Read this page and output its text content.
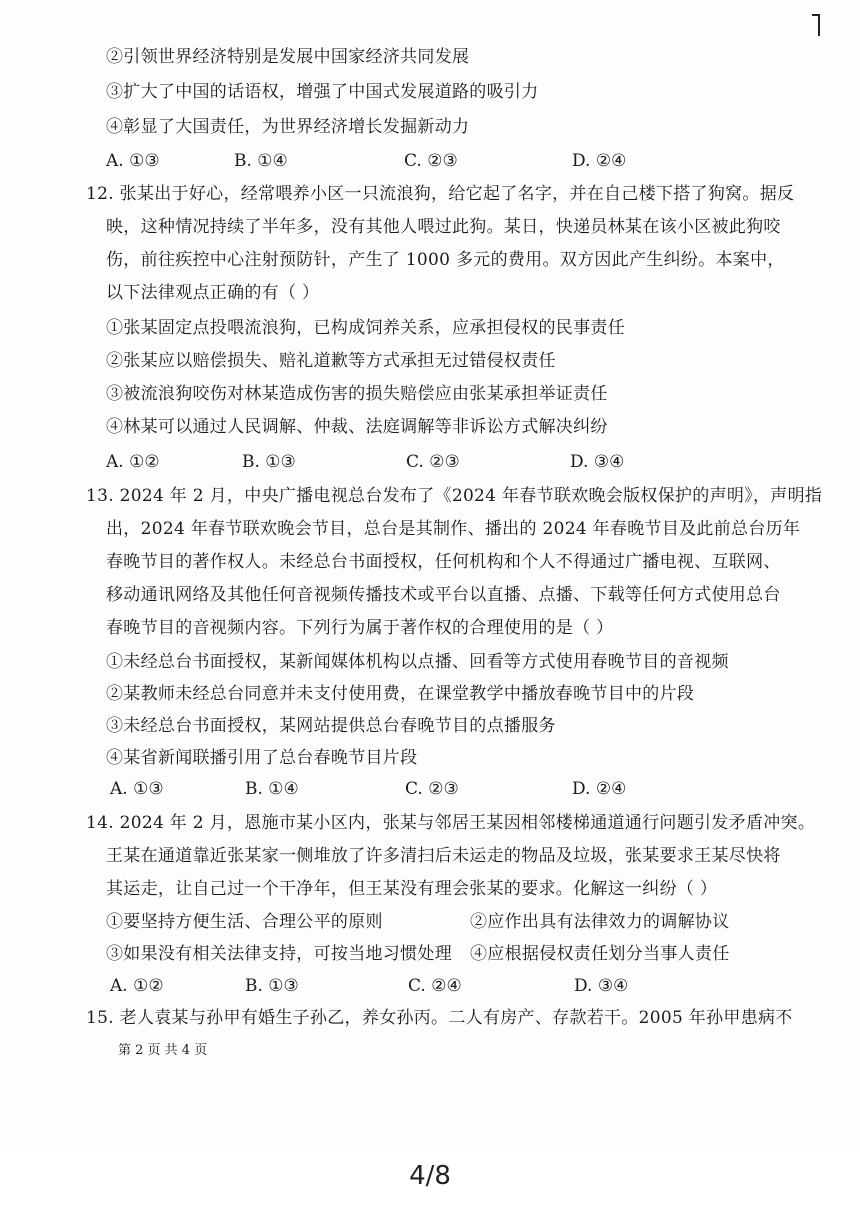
②引领世界经济特别是发展中国家经济共同发展
③扩大了中国的话语权，增强了中国式发展道路的吸引力
④彰显了大国责任，为世界经济增长发掘新动力
A. ①③	B. ①④	C. ②③	D. ②④
12. 张某出于好心，经常喂养小区一只流浪狗，给它起了名字，并在自己楼下搭了狗窝。据反
映，这种情况持续了半年多，没有其他人喂过此狗。某日，快递员林某在该小区被此狗咬
伤，前往疾控中心注射预防针，产生了 1000 多元的费用。双方因此产生纠纷。本案中，
以下法律观点正确的有（ ）
①张某固定点投喂流浪狗，已构成饲养关系，应承担侵权的民事责任
②张某应以赔偿损失、赔礼道歉等方式承担无过错侵权责任
③被流浪狗咬伤对林某造成伤害的损失赔偿应由张某承担举证责任
④林某可以通过人民调解、仲裁、法庭调解等非诉讼方式解决纠纷
A. ①②	B. ①③	C. ②③	D. ③④
13. 2024 年 2 月，中央广播电视总台发布了《2024 年春节联欢晚会版权保护的声明》，声明指
出，2024 年春节联欢晚会节目，总台是其制作、播出的 2024 年春晚节目及此前总台历年
春晚节目的著作权人。未经总台书面授权，任何机构和个人不得通过广播电视、互联网、
移动通讯网络及其他任何音视频传播技术或平台以直播、点播、下载等任何方式使用总台
春晚节目的音视频内容。下列行为属于著作权的合理使用的是（ ）
①未经总台书面授权，某新闻媒体机构以点播、回看等方式使用春晚节目的音视频
②某教师未经总台同意并未支付使用费，在课堂教学中播放春晚节目中的片段
③未经总台书面授权，某网站提供总台春晚节目的点播服务
④某省新闻联播引用了总台春晚节目片段
A. ①③	B. ①④	C. ②③	D. ②④
14. 2024 年 2 月，恩施市某小区内，张某与邻居王某因相邻楼梯通道通行问题引发矛盾冲突。
王某在通道靠近张某家一侧堆放了许多清扫后未运走的物品及垃圾，张某要求王某尽快将
其运走，让自己过一个干净年，但王某没有理会张某的要求。化解这一纠纷（ ）
①要坚持方便生活、合理公平的原则	②应作出具有法律效力的调解协议
③如果没有相关法律支持，可按当地习惯处理 ④应根据侵权责任划分当事人责任
A. ①②	B. ①③	C. ②④	D. ③④
15. 老人袁某与孙甲有婚生子孙乙，养女孙丙。二人有房产、存款若干。2005 年孙甲患病不
第 2 页 共 4 页
4/8
